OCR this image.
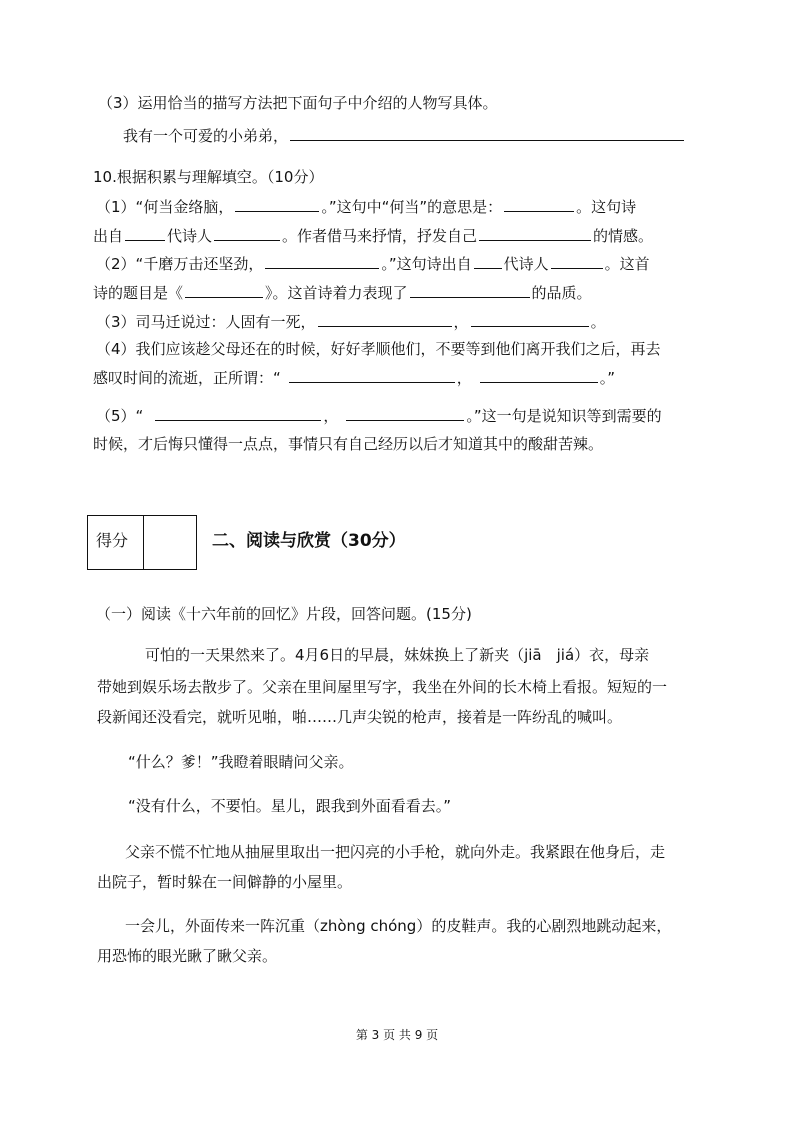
（3）运用恰当的描写方法把下面句子中介绍的人物写具体。
我有一个可爱的小弟弟，
10.根据积累与理解填空。（10分）
（1）“何当金络脑，	。”这句中“何当”的意思是：	。这句诗
出自	代诗人	。作者借马来抒情，抒发自己	的情感。
（2）“千磨万击还坚劲，	。”这句诗出自 代诗人	。这首
诗的题目是《	》。这首诗着力表现了	的品质。
（3）司马迁说过：人固有一死，	，	。
（4）我们应该趁父母还在的时候，好好孝顺他们，不要等到他们离开我们之后，再去
感叹时间的流逝，正所谓：“	，	。”
（5）“	，	。”这一句是说知识等到需要的
时候，才后悔只懂得一点点，事情只有自己经历以后才知道其中的酸甜苦辣。
得分	二、阅读与欣赏（30分）
（一）阅读《十六年前的回忆》片段，回答问题。(15分)
可怕的一天果然来了。4月6日的早晨，妹妹换上了新夹（jiā　jiá）衣，母亲
带她到娱乐场去散步了。父亲在里间屋里写字，我坐在外间的长木椅上看报。短短的一
段新闻还没看完，就听见啪，啪……几声尖锐的枪声，接着是一阵纷乱的喊叫。
“什么？爹！”我瞪着眼睛问父亲。
“没有什么，不要怕。星儿，跟我到外面看看去。”
父亲不慌不忙地从抽屉里取出一把闪亮的小手枪，就向外走。我紧跟在他身后，走
出院子，暂时躲在一间僻静的小屋里。
一会儿，外面传来一阵沉重（zhòng chóng）的皮鞋声。我的心剧烈地跳动起来，
用恐怖的眼光瞅了瞅父亲。
第 3 页 共 9 页
